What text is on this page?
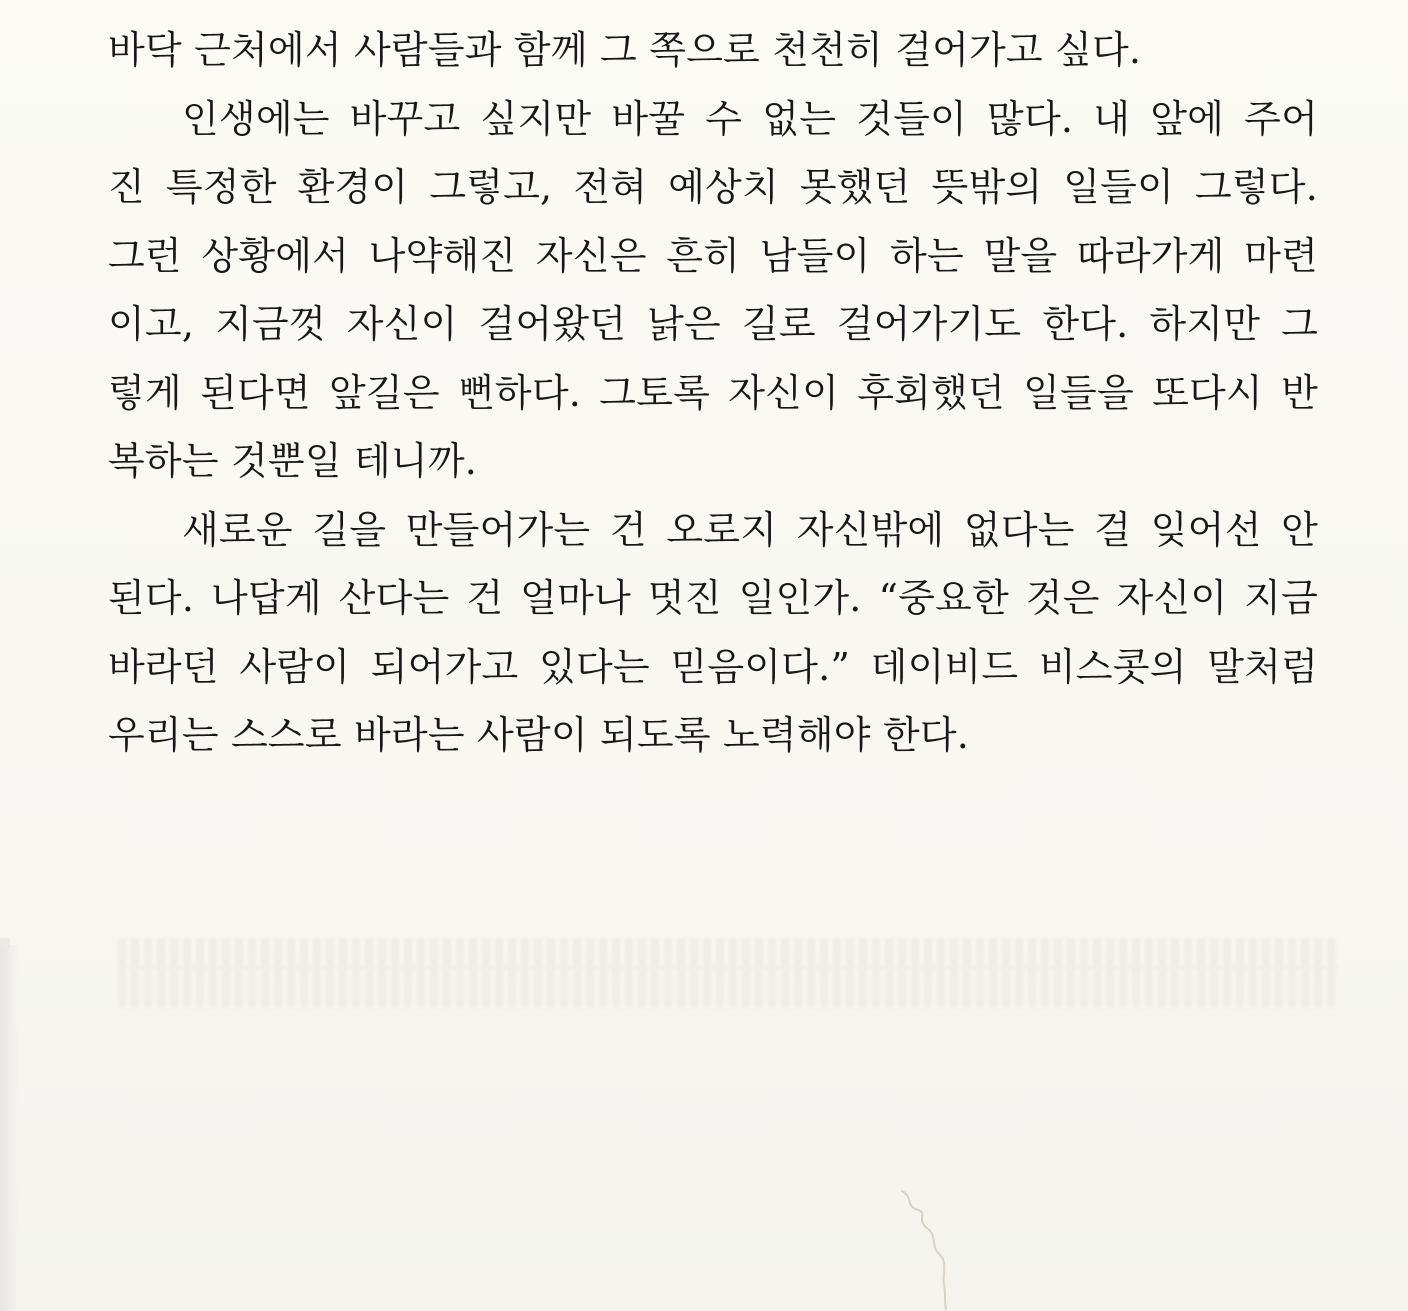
바닥 근처에서 사람들과 함께 그 쪽으로 천천히 걸어가고 싶다.
인생에는 바꾸고 싶지만 바꿀 수 없는 것들이 많다. 내 앞에 주어
진 특정한 환경이 그렇고, 전혀 예상치 못했던 뜻밖의 일들이 그렇다.
그런 상황에서 나약해진 자신은 흔히 남들이 하는 말을 따라가게 마련
이고, 지금껏 자신이 걸어왔던 낡은 길로 걸어가기도 한다. 하지만 그
렇게 된다면 앞길은 뻔하다. 그토록 자신이 후회했던 일들을 또다시 반
복하는 것뿐일 테니까.
새로운 길을 만들어가는 건 오로지 자신밖에 없다는 걸 잊어선 안
된다. 나답게 산다는 건 얼마나 멋진 일인가. “중요한 것은 자신이 지금
바라던 사람이 되어가고 있다는 믿음이다.” 데이비드 비스콧의 말처럼
우리는 스스로 바라는 사람이 되도록 노력해야 한다.
